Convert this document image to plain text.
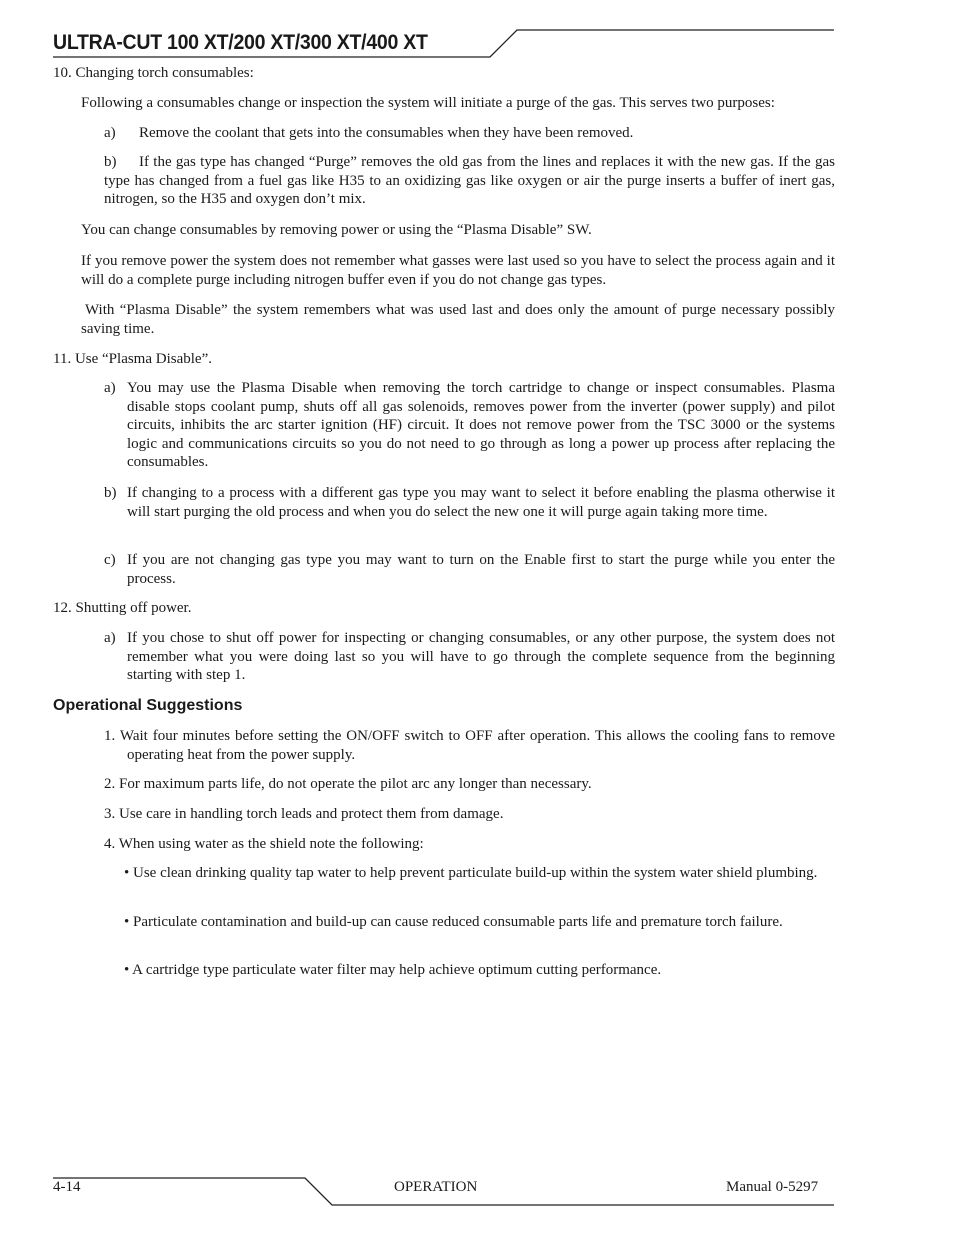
ULTRA-CUT 100 XT/200 XT/300 XT/400 XT
10. Changing torch consumables:
Following a consumables change or inspection the system will initiate a purge of the gas. This serves two purposes:
a) Remove the coolant that gets into the consumables when they have been removed.
b) If the gas type has changed “Purge” removes the old gas from the lines and replaces it with the new gas. If the gas type has changed from a fuel gas like H35 to an oxidizing gas like oxygen or air the purge inserts a buffer of inert gas, nitrogen, so the H35 and oxygen don’t mix.
You can change consumables by removing power or using the “Plasma Disable” SW.
If you remove power the system does not remember what gasses were last used so you have to select the process again and it will do a complete purge including nitrogen buffer even if you do not change gas types.
With “Plasma Disable” the system remembers what was used last and does only the amount of purge necessary possibly saving time.
11. Use “Plasma Disable”.
a) You may use the Plasma Disable when removing the torch cartridge to change or inspect consumables. Plasma disable stops coolant pump, shuts off all gas solenoids, removes power from the inverter (power supply) and pilot circuits, inhibits the arc starter ignition (HF) circuit. It does not remove power from the TSC 3000 or the systems logic and communications circuits so you do not need to go through as long a power up process after replacing the consumables.
b) If changing to a process with a different gas type you may want to select it before enabling the plasma otherwise it will start purging the old process and when you do select the new one it will purge again taking more time.
c) If you are not changing gas type you may want to turn on the Enable first to start the purge while you enter the process.
12. Shutting off power.
a) If you chose to shut off power for inspecting or changing consumables, or any other purpose, the system does not remember what you were doing last so you will have to go through the complete sequence from the beginning starting with step 1.
Operational Suggestions
1. Wait four minutes before setting the ON/OFF switch to OFF after operation. This allows the cooling fans to remove operating heat from the power supply.
2. For maximum parts life, do not operate the pilot arc any longer than necessary.
3. Use care in handling torch leads and protect them from damage.
4. When using water as the shield note the following:
• Use clean drinking quality tap water to help prevent particulate build-up within the system water shield plumbing.
• Particulate contamination and build-up can cause reduced consumable parts life and premature torch failure.
• A cartridge type particulate water filter may help achieve optimum cutting performance.
4-14	OPERATION	Manual 0-5297
